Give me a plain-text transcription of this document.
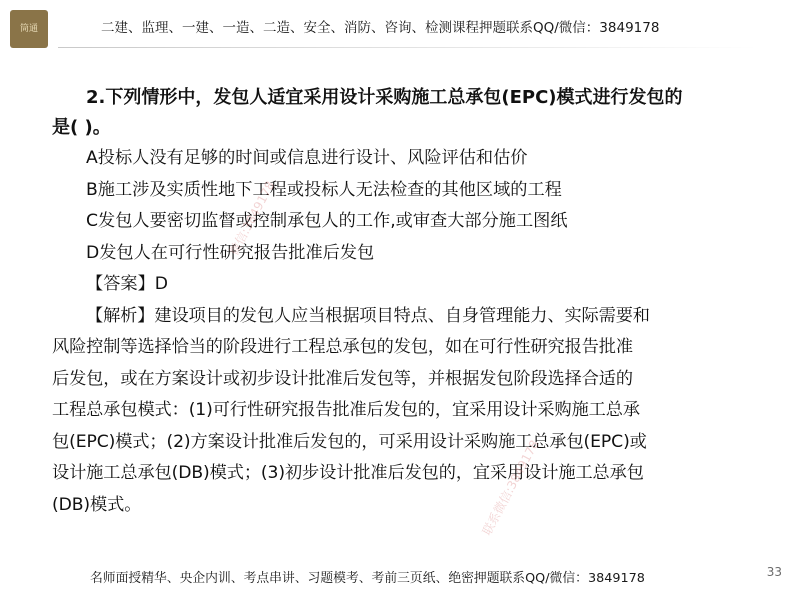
筒通	二建、监理、一建、一造、二造、安全、消防、咨询、检测课程押题联系QQ/微信：3849178

2.下列情形中，发包人适宜采用设计采购施工总承包(EPC)模式进行发包的
是( )。

A投标人没有足够的时间或信息进行设计、风险评估和估价

B施工涉及实质性地下工程或投标人无法检查的其他区域的工程

C发包人要密切监督或控制承包人的工作,或审查大部分施工图纸

D发包人在可行性研究报告批准后发包

【答案】D

【解析】建设项目的发包人应当根据项目特点、自身管理能力、实际需要和

风险控制等选择恰当的阶段进行工程总承包的发包，如在可行性研究报告批准

后发包，或在方案设计或初步设计批准后发包等，并根据发包阶段选择合适的

工程总承包模式：(1)可行性研究报告批准后发包的，宜采用设计采购施工总承

包(EPC)模式；(2)方案设计批准后发包的，可采用设计采购施工总承包(EPC)或

设计施工总承包(DB)模式；(3)初步设计批准后发包的，宜采用设计施工总承包

(DB)模式。

微信:3849178
联系微信:3849178
名师面授精华、央企内训、考点串讲、习题模考、考前三页纸、绝密押题联系QQ/微信：3849178	33
